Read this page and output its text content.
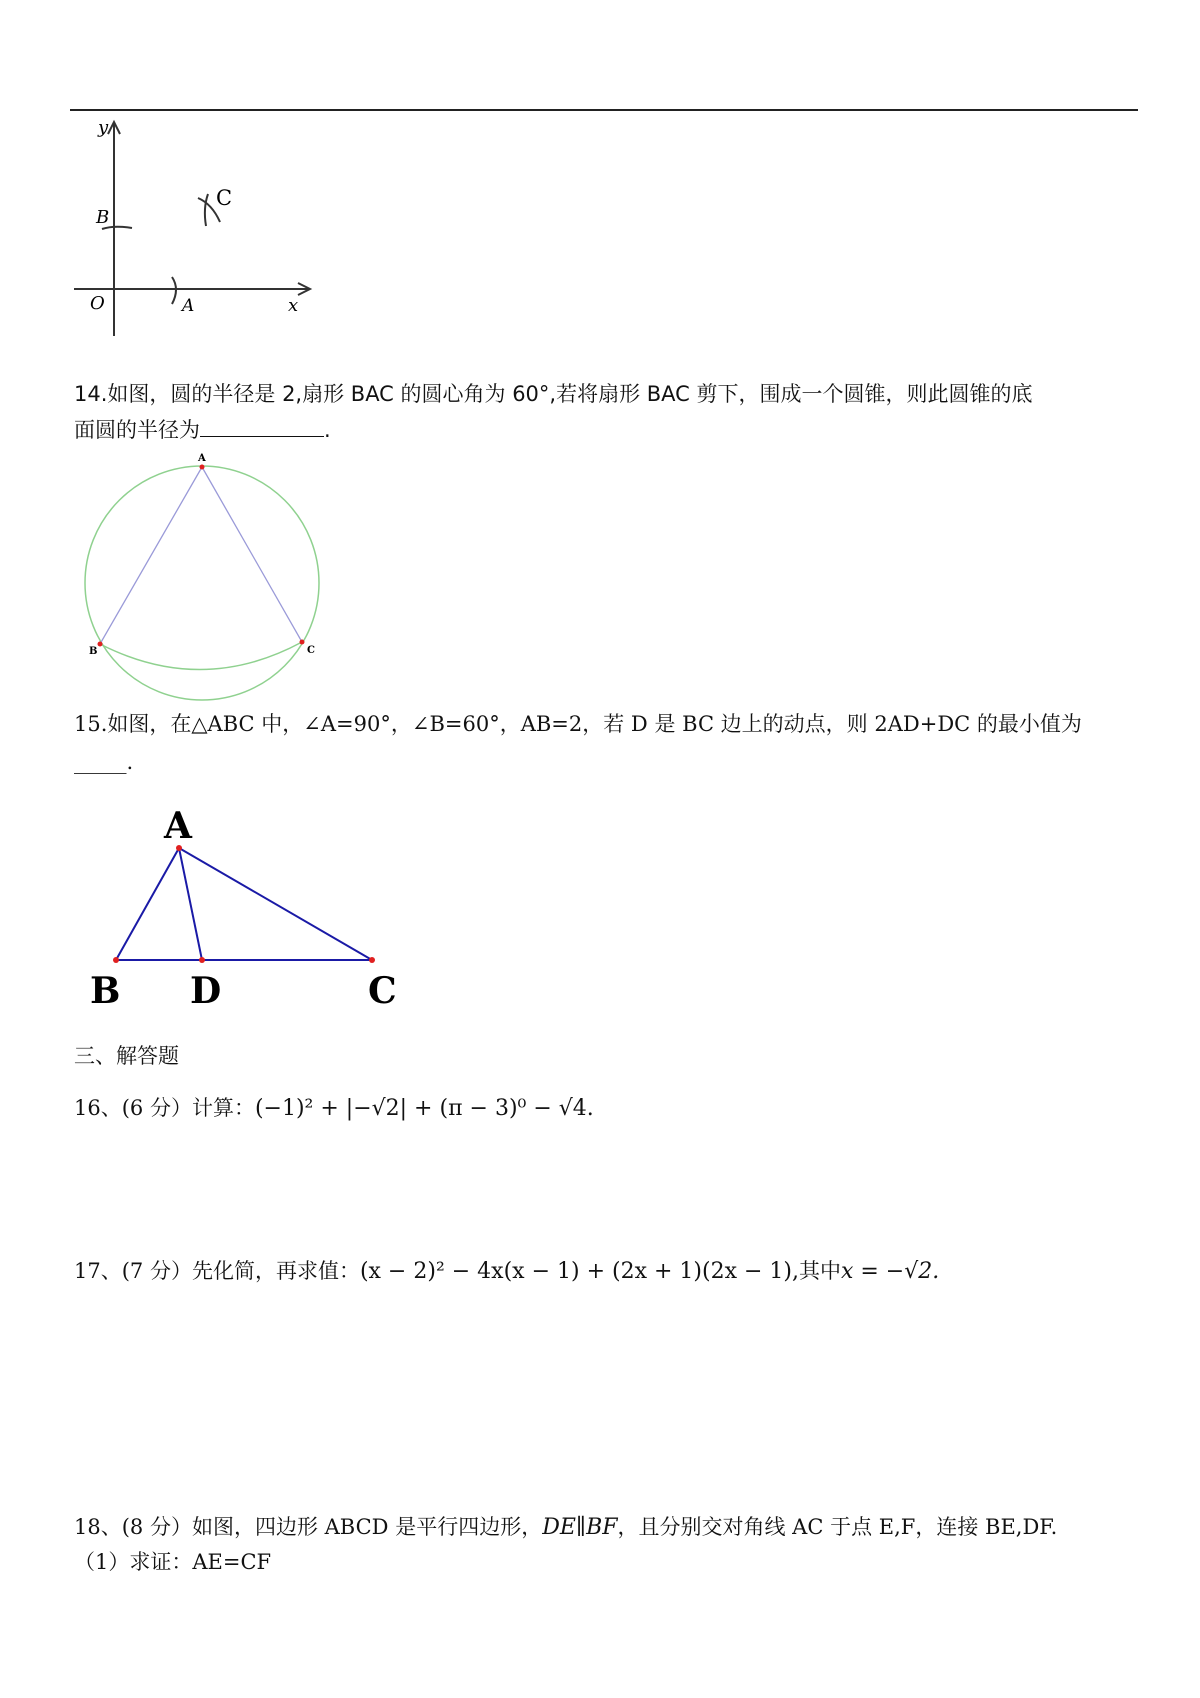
y
x
O	A
B
C

14.如图，圆的半径是 2,扇形 BAC 的圆心角为 60°,若将扇形 BAC 剪下，围成一个圆锥，则此圆锥的底

面圆的半径为	.

A
B	C

15.如图，在△ABC 中，∠A=90°，∠B=60°，AB=2，若 D 是 BC 边上的动点，则 2AD+DC 的最小值为

_____.

A
B D	C

三、解答题

16、(6 分）计算：(−1)² + |−√2| + (π − 3)⁰ − √4.

17、(7 分）先化简，再求值：(x − 2)² − 4x(x − 1) + (2x + 1)(2x − 1),其中x = −√2.

18、(8 分）如图，四边形 ABCD 是平行四边形，DE∥BF，且分别交对角线 AC 于点 E,F，连接 BE,DF.

（1）求证：AE=CF
